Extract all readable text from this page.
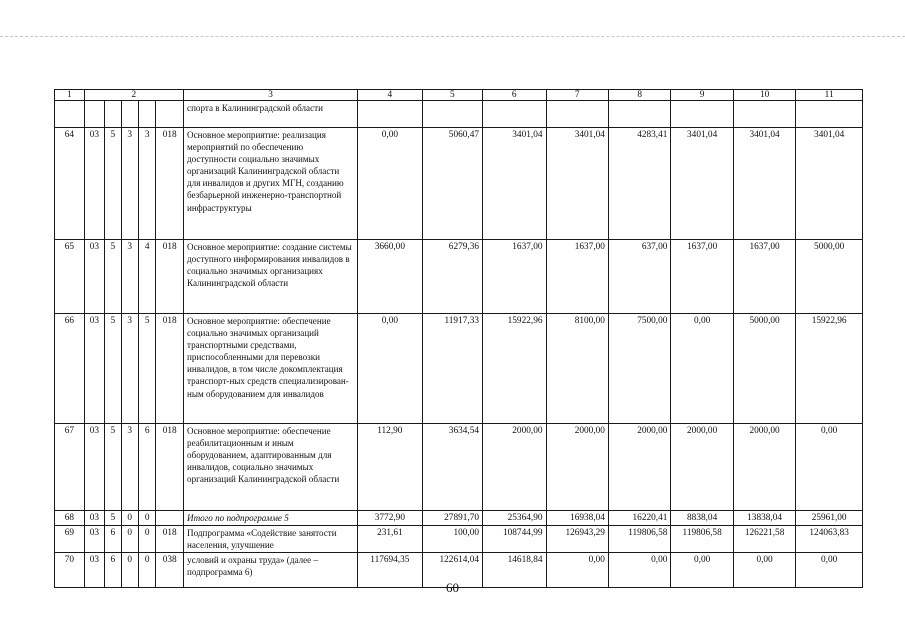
1	2					3	4	5	6	7	8	9	10	11
						спорта в Калининградской области								
64	03	5	3	3	018	Основное мероприятие: реализация мероприятий по обеспечению доступности социально значимых организаций Калининградской области для инвалидов и других МГН, созданию безбарьерной инженерно-транспортной инфраструктуры	0,00	5060,47	3401,04	3401,04	4283,41	3401,04	3401,04	3401,04
65	03	5	3	4	018	Основное мероприятие: создание системы доступного информирования инвалидов в социально значимых организациях Калининградской области	3660,00	6279,36	1637,00	1637,00	637,00	1637,00	1637,00	5000,00
66	03	5	3	5	018	Основное мероприятие: обеспечение социально значимых организаций транспортными средствами, приспособленными для перевозки инвалидов, в том числе докомплектация транспорт-ных средств специализирован-ным оборудованием для инвалидов	0,00	11917,33	15922,96	8100,00	7500,00	0,00	5000,00	15922,96
67	03	5	3	6	018	Основное мероприятие: обеспечение реабилитационным и иным оборудованием, адаптированным для инвалидов, социально значимых организаций Калининградской области	112,90	3634,54	2000,00	2000,00	2000,00	2000,00	2000,00	0,00
68	03	5	0	0		Итого по подпрограмме 5	3772,90	27891,70	25364,90	16938,04	16220,41	8838,04	13838,04	25961,00
69	03	6	0	0	018	Подпрограмма «Содействие занятости населения, улучшение	231,61	100,00	108744,99	126943,29	119806,58	119806,58	126221,58	124063,83
70	03	6	0	0	038	условий и охраны труда» (далее – подпрограмма 6)	117694,35	122614,04	14618,84	0,00	0,00	0,00	0,00	0,00
60
